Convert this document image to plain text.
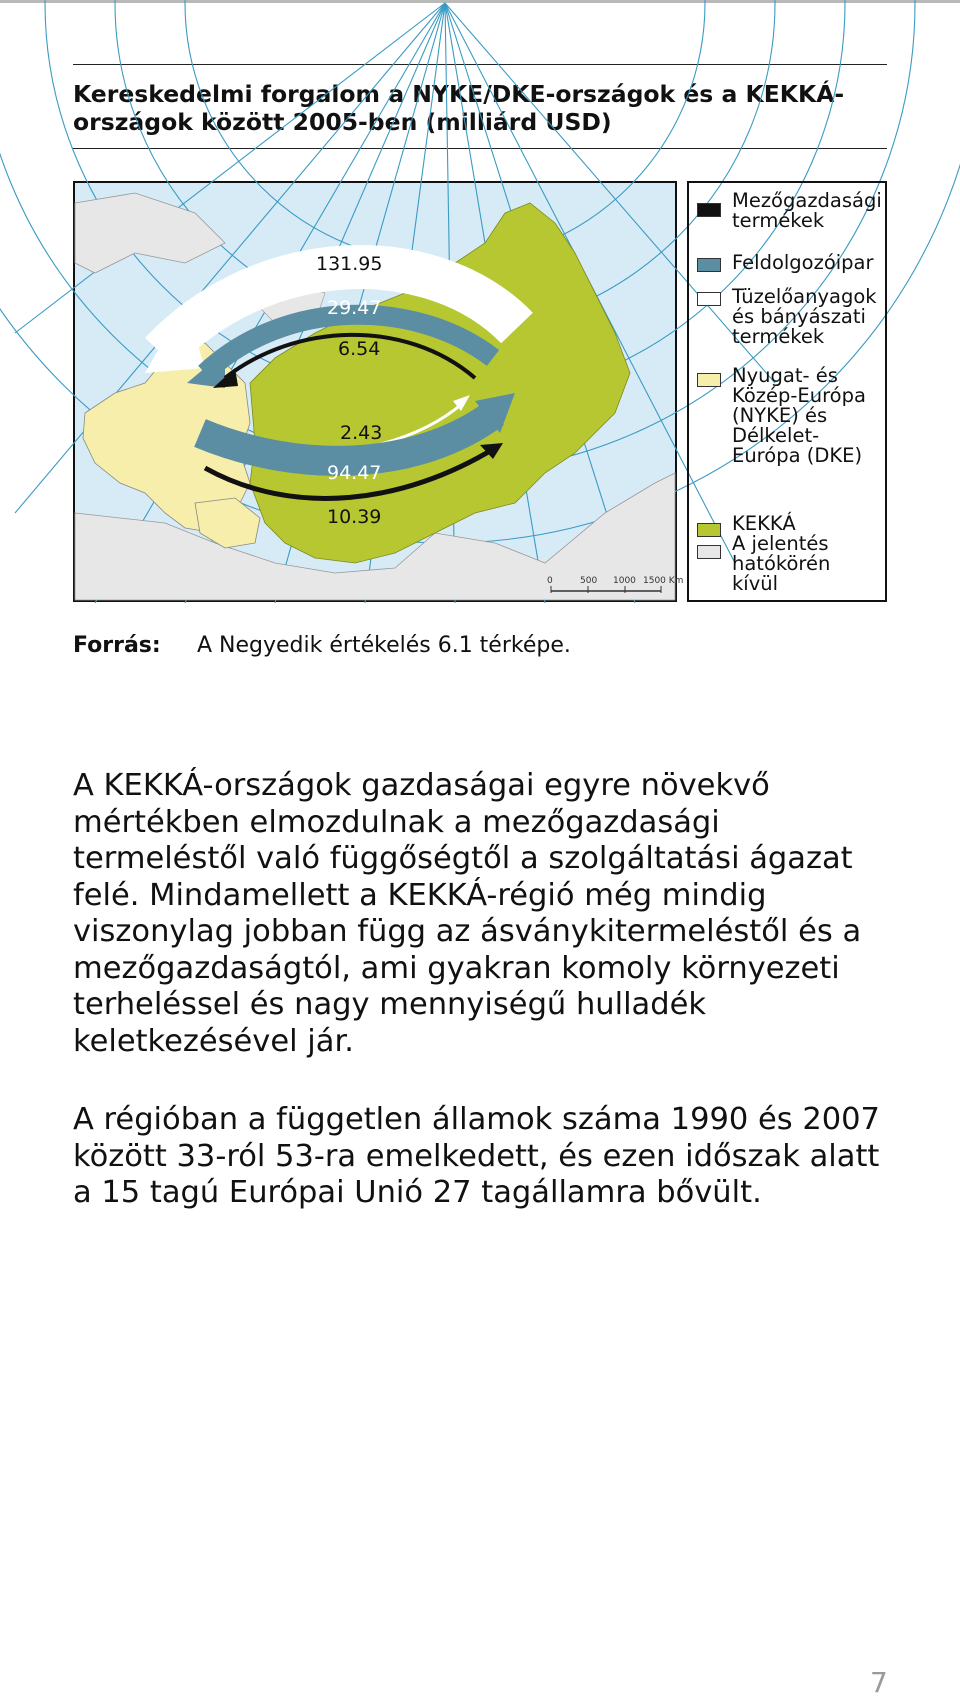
Kereskedelmi forgalom a NYKE/DKE-országok és a KEKKÁ-országok között 2005-ben (milliárd USD)
131.95
29.47
6.54
2.43
94.47
10.39
0	500 1000 1500 Km
Mezőgazdasági
termékek
Feldolgozóipar
Tüzelőanyagok
és bányászati
termékek
Nyugat- és
Közép-Európa
(NYKE) és
Délkelet-
Európa (DKE)
KEKKÁ
A jelentés
hatókörén
kívül
Forrás: A Negyedik értékelés 6.1 térképe.

A KEKKÁ-országok gazdaságai egyre növekvő mértékben elmozdulnak a mezőgazdasági termeléstől való függőségtől a szolgáltatási ágazat felé. Mindamellett a KEKKÁ-régió még mindig viszonylag jobban függ az ásványkitermeléstől és a mezőgazdaságtól, ami gyakran komoly környezeti terheléssel és nagy mennyiségű hulladék keletkezésével jár.

A régióban a független államok száma 1990 és 2007 között 33-ról 53-ra emelkedett, és ezen időszak alatt a 15 tagú Európai Unió 27 tagállamra bővült.

7
